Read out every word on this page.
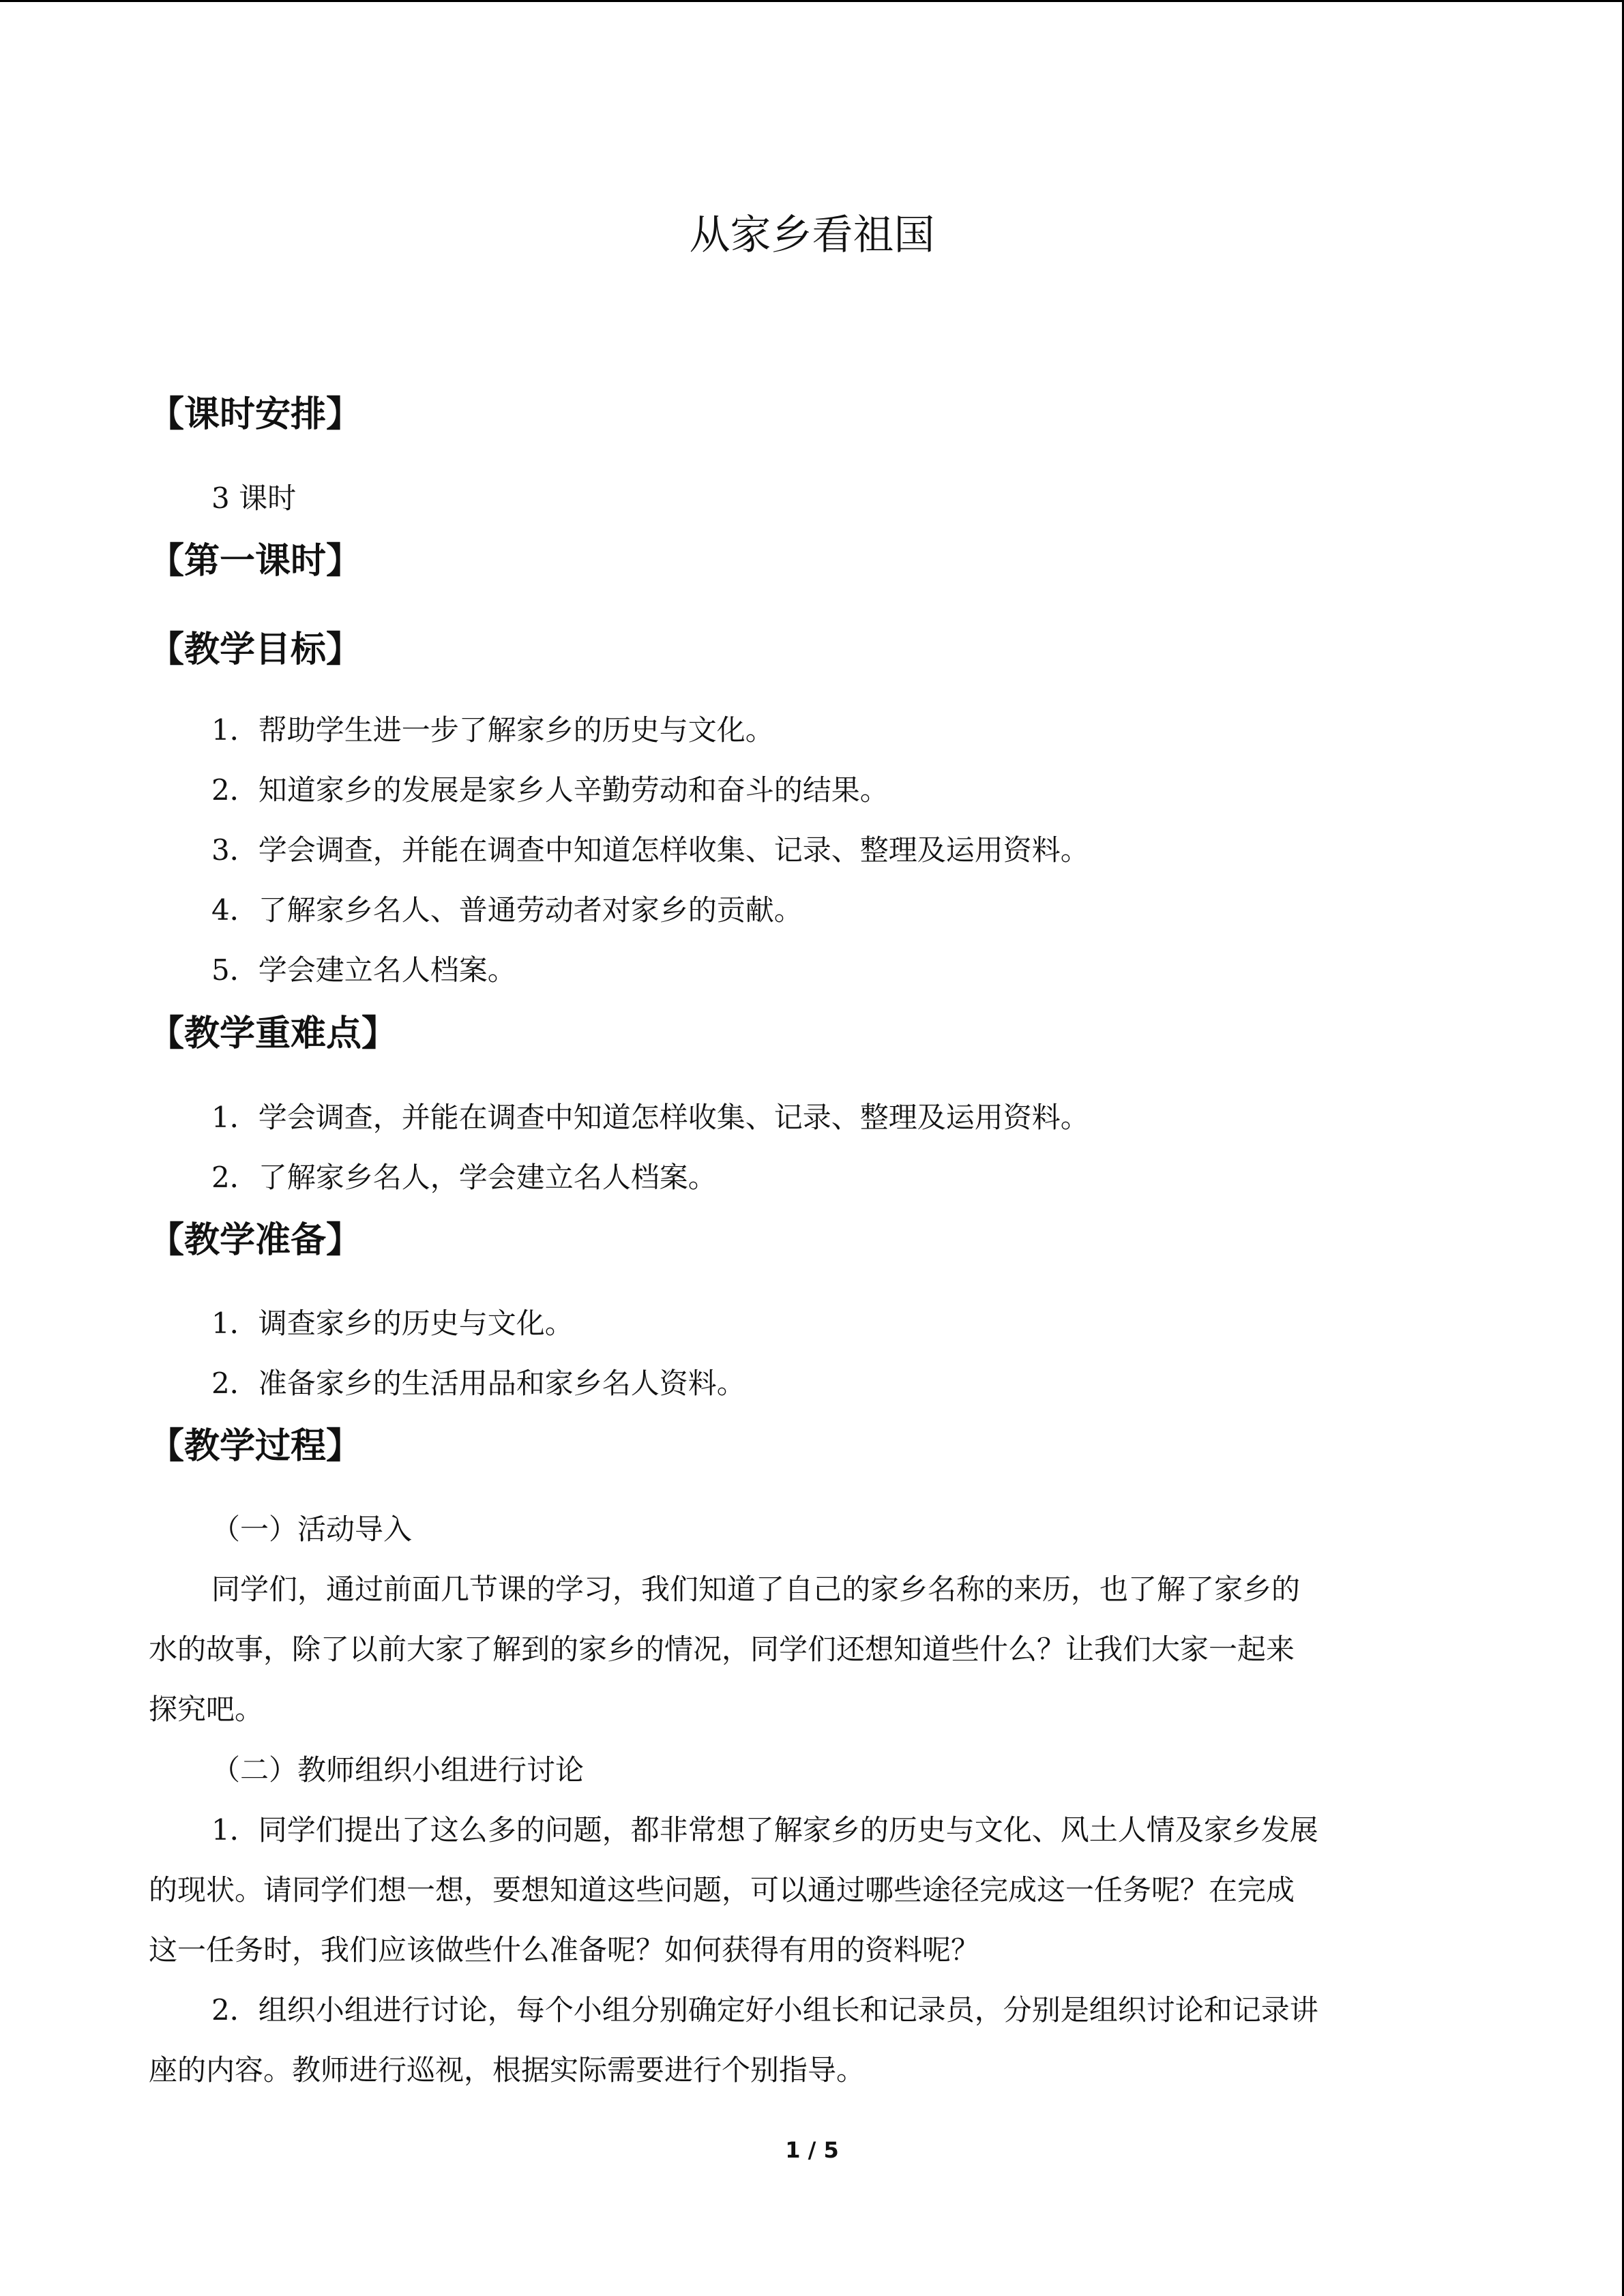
从家乡看祖国
【课时安排】

3 课时

【第一课时】
【教学目标】

1．帮助学生进一步了解家乡的历史与文化。

2．知道家乡的发展是家乡人辛勤劳动和奋斗的结果。

3．学会调查，并能在调查中知道怎样收集、记录、整理及运用资料。

4．了解家乡名人、普通劳动者对家乡的贡献。

5．学会建立名人档案。

【教学重难点】

1．学会调查，并能在调查中知道怎样收集、记录、整理及运用资料。

2．了解家乡名人，学会建立名人档案。

【教学准备】

1．调查家乡的历史与文化。

2．准备家乡的生活用品和家乡名人资料。

【教学过程】

（一）活动导入

同学们，通过前面几节课的学习，我们知道了自己的家乡名称的来历，也了解了家乡的

水的故事，除了以前大家了解到的家乡的情况，同学们还想知道些什么？让我们大家一起来

探究吧。

（二）教师组织小组进行讨论

1．同学们提出了这么多的问题，都非常想了解家乡的历史与文化、风土人情及家乡发展

的现状。请同学们想一想，要想知道这些问题，可以通过哪些途径完成这一任务呢？在完成

这一任务时，我们应该做些什么准备呢？如何获得有用的资料呢？

2．组织小组进行讨论，每个小组分别确定好小组长和记录员，分别是组织讨论和记录讲

座的内容。教师进行巡视，根据实际需要进行个别指导。

1 / 5
